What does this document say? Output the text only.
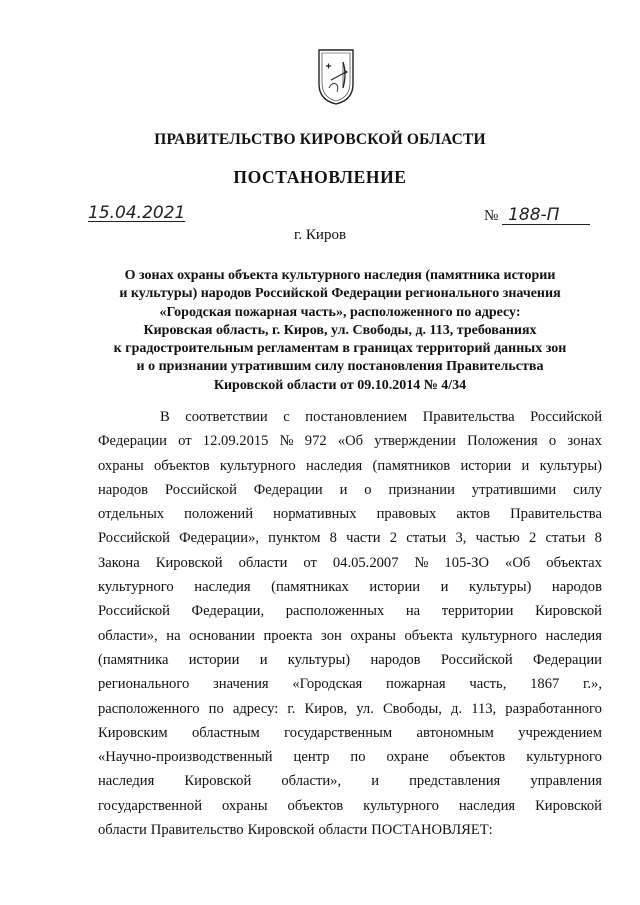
ПРАВИТЕЛЬСТВО КИРОВСКОЙ ОБЛАСТИ
ПОСТАНОВЛЕНИЕ
15.04.2021	№ 188-П
г. Киров
О зонах охраны объекта культурного наследия (памятника истории
и культуры) народов Российской Федерации регионального значения
«Городская пожарная часть», расположенного по адресу:
Кировская область, г. Киров, ул. Свободы, д. 113, требованиях
к градостроительным регламентам в границах территорий данных зон
и о признании утратившим силу постановления Правительства
Кировской области от 09.10.2014 № 4/34
В соответствии с постановлением Правительства Российской
Федерации от 12.09.2015 № 972 «Об утверждении Положения о зонах
охраны объектов культурного наследия (памятников истории и культуры)
народов Российской Федерации и о признании утратившими силу
отдельных положений нормативных правовых актов Правительства
Российской Федерации», пунктом 8 части 2 статьи 3, частью 2 статьи 8
Закона Кировской области от 04.05.2007 № 105-ЗО «Об объектах
культурного наследия (памятниках истории и культуры) народов
Российской Федерации, расположенных на территории Кировской
области», на основании проекта зон охраны объекта культурного наследия
(памятника истории и культуры) народов Российской Федерации
регионального значения «Городская пожарная часть, 1867 г.»,
расположенного по адресу: г. Киров, ул. Свободы, д. 113, разработанного
Кировским областным государственным автономным учреждением
«Научно-производственный центр по охране объектов культурного
наследия Кировской области», и представления управления
государственной охраны объектов культурного наследия Кировской
области Правительство Кировской области ПОСТАНОВЛЯЕТ:
